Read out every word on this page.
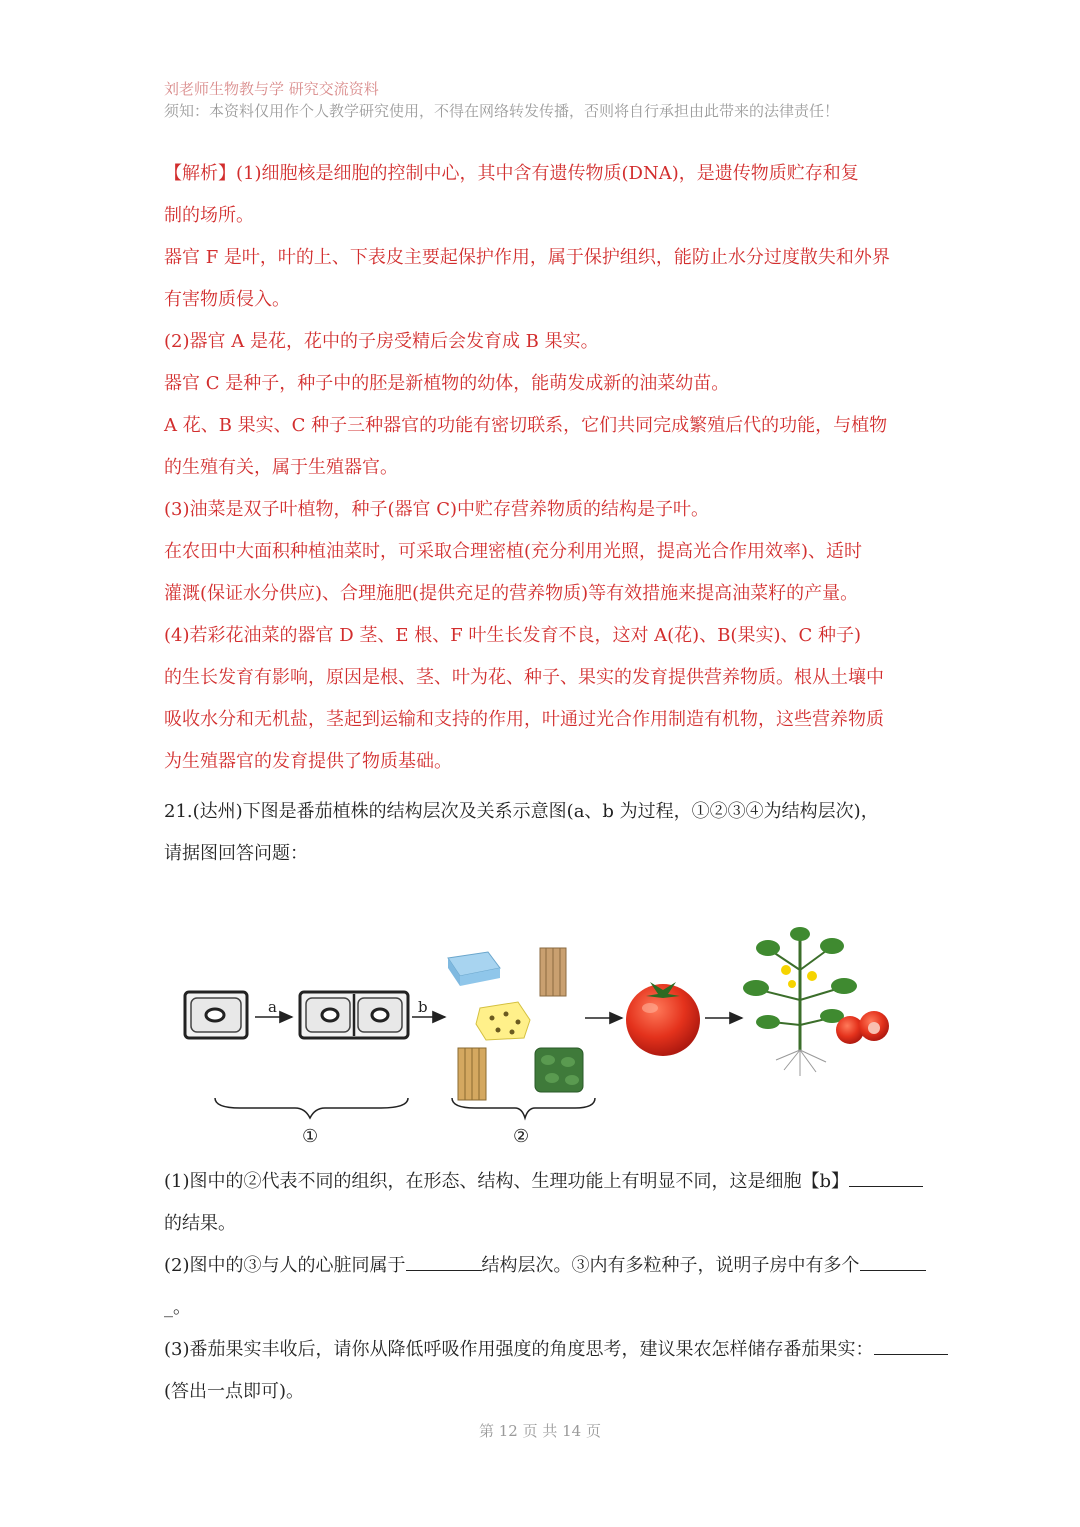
刘老师生物教与学 研究交流资料
须知：本资料仅用作个人教学研究使用，不得在网络转发传播，否则将自行承担由此带来的法律责任！
【解析】(1)细胞核是细胞的控制中心，其中含有遗传物质(DNA)，是遗传物质贮存和复
制的场所。
器官 F 是叶，叶的上、下表皮主要起保护作用，属于保护组织，能防止水分过度散失和外界
有害物质侵入。
(2)器官 A 是花，花中的子房受精后会发育成 B 果实。
器官 C 是种子，种子中的胚是新植物的幼体，能萌发成新的油菜幼苗。
A 花、B 果实、C 种子三种器官的功能有密切联系，它们共同完成繁殖后代的功能，与植物
的生殖有关，属于生殖器官。
(3)油菜是双子叶植物，种子(器官 C)中贮存营养物质的结构是子叶。
在农田中大面积种植油菜时，可采取合理密植(充分利用光照，提高光合作用效率)、适时
灌溉(保证水分供应)、合理施肥(提供充足的营养物质)等有效措施来提高油菜籽的产量。
(4)若彩花油菜的器官 D 茎、E 根、F 叶生长发育不良，这对 A(花)、B(果实)、C 种子)
的生长发育有影响，原因是根、茎、叶为花、种子、果实的发育提供营养物质。根从土壤中
吸收水分和无机盐，茎起到运输和支持的作用，叶通过光合作用制造有机物，这些营养物质
为生殖器官的发育提供了物质基础。
21.(达州)下图是番茄植株的结构层次及关系示意图(a、b 为过程，①②③④为结构层次)，
请据图回答问题：
a	b
①	②
(1)图中的②代表不同的组织，在形态、结构、生理功能上有明显不同，这是细胞【b】
的结果。
(2)图中的③与人的心脏同属于	结构层次。③内有多粒种子，说明子房中有多个
_。
(3)番茄果实丰收后，请你从降低呼吸作用强度的角度思考，建议果农怎样储存番茄果实：
(答出一点即可)。
第 12 页 共 14 页
